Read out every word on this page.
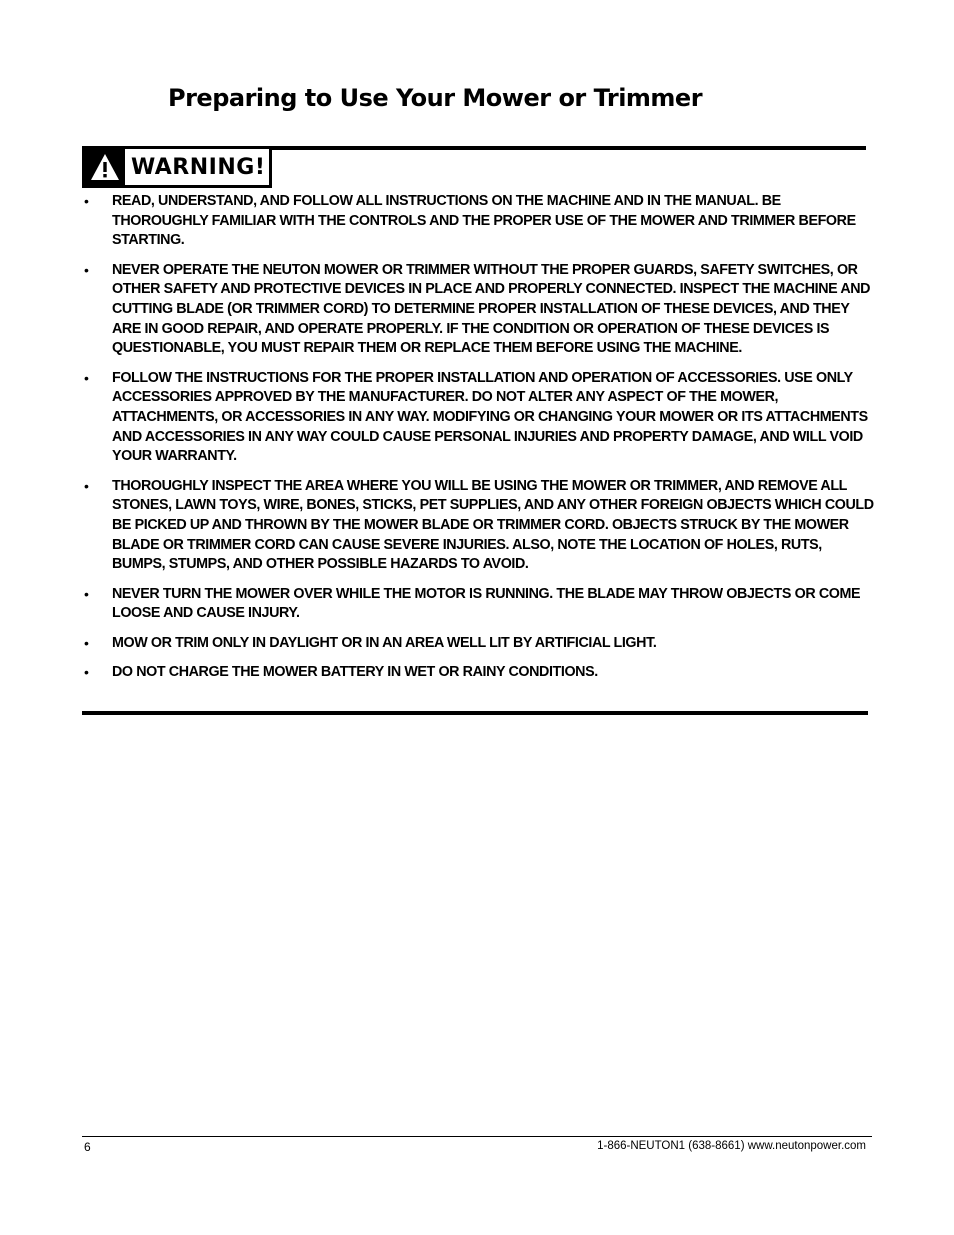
Preparing to Use Your Mower or Trimmer
WARNING!
•	READ, UNDERSTAND, AND FOLLOW ALL INSTRUCTIONS ON THE MACHINE AND IN THE MANUAL. BE THOROUGHLY FAMILIAR WITH THE CONTROLS AND THE PROPER USE OF THE MOWER AND TRIMMER BEFORE STARTING.
•	NEVER OPERATE THE NEUTON MOWER OR TRIMMER WITHOUT THE PROPER GUARDS, SAFETY SWITCHES, OR OTHER SAFETY AND PROTECTIVE DEVICES IN PLACE AND PROPERLY CONNECTED. INSPECT THE MACHINE AND CUTTING BLADE (OR TRIMMER CORD) TO DETERMINE PROPER INSTALLATION OF THESE DEVICES, AND THEY ARE IN GOOD REPAIR, AND OPERATE PROPERLY. IF THE CONDITION OR OPERATION OF THESE DEVICES IS QUESTIONABLE, YOU MUST REPAIR THEM OR REPLACE THEM BEFORE USING THE MACHINE.
•	FOLLOW THE INSTRUCTIONS FOR THE PROPER INSTALLATION AND OPERATION OF ACCESSORIES. USE ONLY ACCESSORIES APPROVED BY THE MANUFACTURER. DO NOT ALTER ANY ASPECT OF THE MOWER, ATTACHMENTS, OR ACCESSORIES IN ANY WAY. MODIFYING OR CHANGING YOUR MOWER OR ITS ATTACHMENTS AND ACCESSORIES IN ANY WAY COULD CAUSE PERSONAL INJURIES AND PROPERTY DAMAGE, AND WILL VOID YOUR WARRANTY.
•	THOROUGHLY INSPECT THE AREA WHERE YOU WILL BE USING THE MOWER OR TRIMMER, AND REMOVE ALL STONES, LAWN TOYS, WIRE, BONES, STICKS, PET SUPPLIES, AND ANY OTHER FOREIGN OBJECTS WHICH COULD BE PICKED UP AND THROWN BY THE MOWER BLADE OR TRIMMER CORD. OBJECTS STRUCK BY THE MOWER BLADE OR TRIMMER CORD CAN CAUSE SEVERE INJURIES. ALSO, NOTE THE LOCATION OF HOLES, RUTS, BUMPS, STUMPS, AND OTHER POSSIBLE HAZARDS TO AVOID.
•	NEVER TURN THE MOWER OVER WHILE THE MOTOR IS RUNNING. THE BLADE MAY THROW OBJECTS OR COME LOOSE AND CAUSE INJURY.
•	MOW OR TRIM ONLY IN DAYLIGHT OR IN AN AREA WELL LIT BY ARTIFICIAL LIGHT.
•	DO NOT CHARGE THE MOWER BATTERY IN WET OR RAINY CONDITIONS.
6	1-866-NEUTON1 (638-8661) www.neutonpower.com
